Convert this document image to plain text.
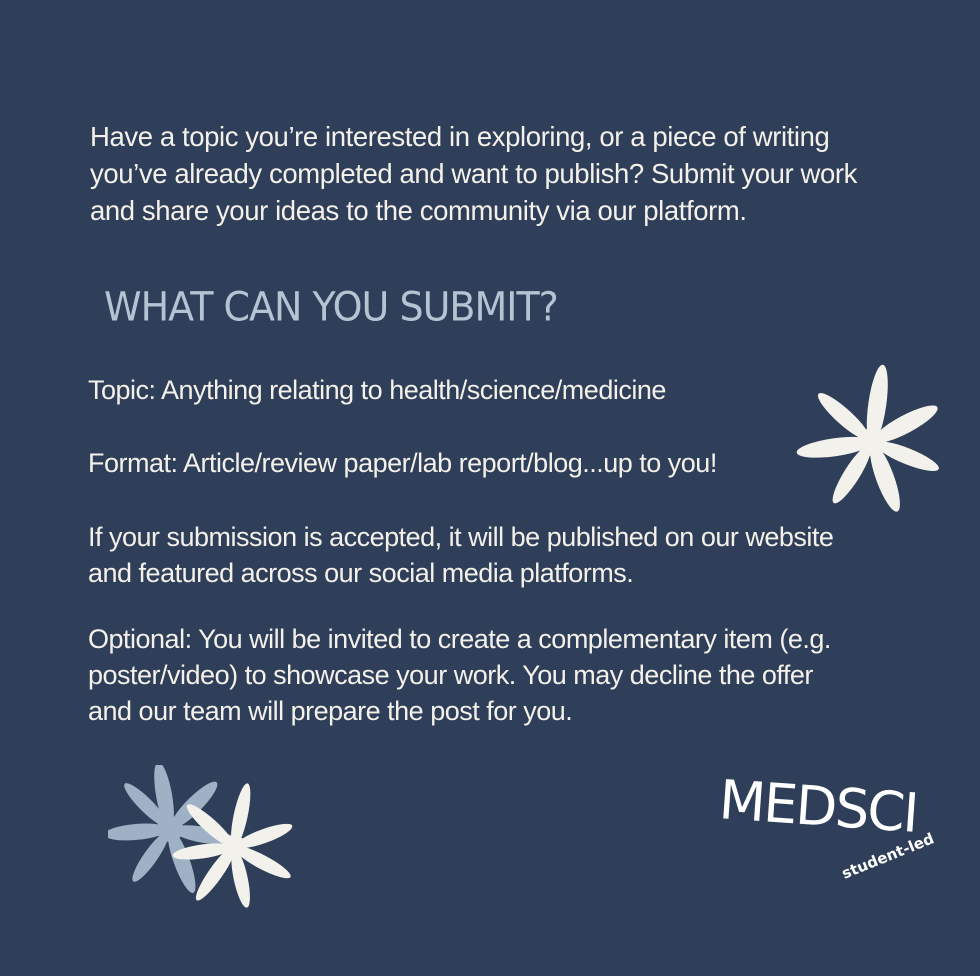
Have a topic you’re interested in exploring, or a piece of writing you’ve already completed and want to publish? Submit your work and share your ideas to the community via our platform.

WHAT CAN YOU SUBMIT?

Topic: Anything relating to health/science/medicine

Format: Article/review paper/lab report/blog...up to you!

If your submission is accepted, it will be published on our website and featured across our social media platforms.

Optional: You will be invited to create a complementary item (e.g. poster/video) to showcase your work. You may decline the offer and our team will prepare the post for you.

MEDSCI
student-led
